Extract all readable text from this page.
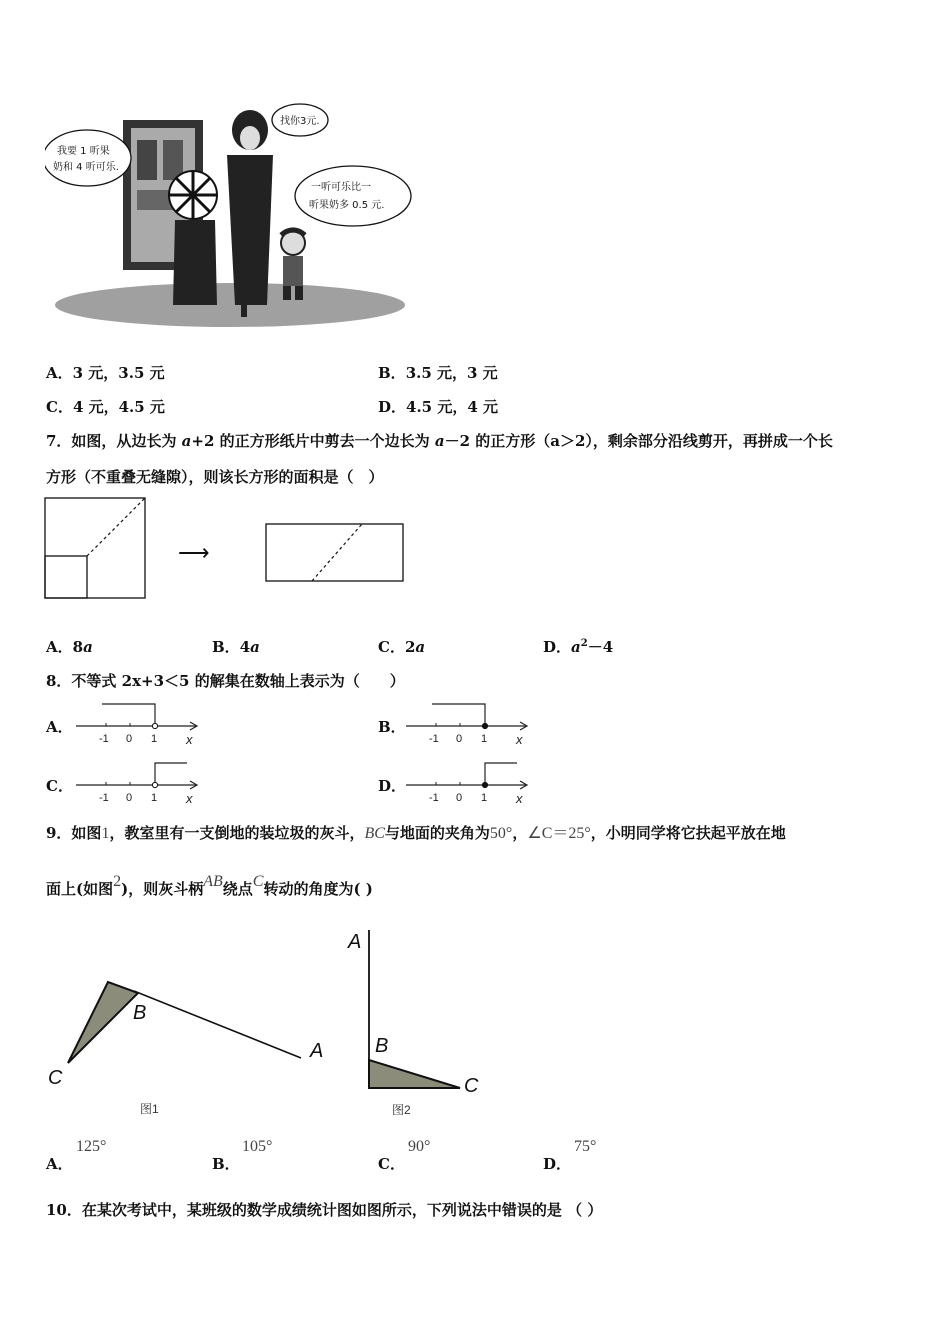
我要 1 听果
奶和 4 听可乐.
找你3元.
一听可乐比一
听果奶多 0.5 元.
A．3 元，3.5 元	B．3.5 元，3 元
C．4 元，4.5 元	D．4.5 元，4 元
7．如图，从边长为 a+2 的正方形纸片中剪去一个边长为 a－2 的正方形（a＞2），剩余部分沿线剪开，再拼成一个长
方形（不重叠无缝隙），则该长方形的面积是（　）
⟶
A．8a	B．4a	C．2a	D．$a^2-4$
8．不等式 2x+3＜5 的解集在数轴上表示为（　　）
A．
-1 0 1 x
B．
-1 0 1 x
C．
-1 0 1 x
D．
-1 0 1 x
9．如图1，教室里有一支倒地的装垃圾的灰斗，BC与地面的夹角为50°，∠C＝25°，小明同学将它扶起平放在地
面上(如图2)，则灰斗柄AB绕点C转动的角度为( )
A
B
C
图1
A
B
C
图2
A．
125°
B．
105°
C．
90°
D．
75°
10．在某次考试中，某班级的数学成绩统计图如图所示，下列说法中错误的是 （ ）
